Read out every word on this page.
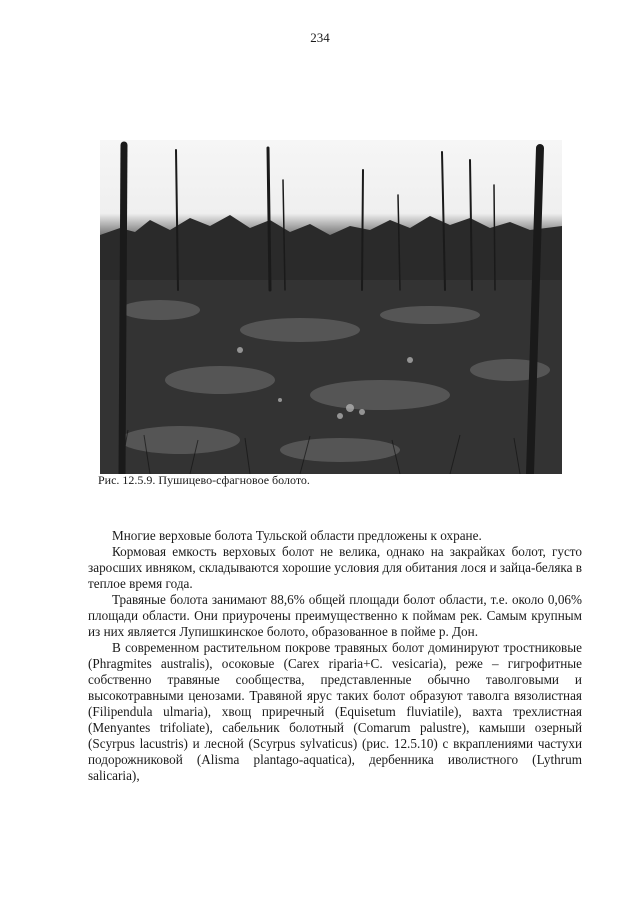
234
Рис. 12.5.9. Пушицево-сфагновое болото.

Многие верховые болота Тульской области предложены к охране.

Кормовая емкость верховых болот не велика, однако на закрайках болот, густо заросших ивняком, складываются хорошие условия для обитания лося и зайца-беляка в теплое время года.

Травяные болота занимают 88,6% общей площади болот области, т.е. около 0,06% площади области. Они приурочены преимущественно к поймам рек. Самым крупным из них является Лупишкинское болото, образованное в пойме р. Дон.

В современном растительном покрове травяных болот доминируют тростниковые (Phragmites australis), осоковые (Carex riparia+C. vesicaria), реже – гигрофитные собственно травяные сообщества, представленные обычно таволговыми и высокотравными ценозами. Травяной ярус таких болот образуют таволга вязолистная (Filipendula ulmaria), хвощ приречный (Equisetum fluviatile), вахта трехлистная (Menyantes trifoliate), сабельник болотный (Comarum palustre), камыши озерный (Scyrpus lacustris) и лесной (Scyrpus sylvaticus) (рис. 12.5.10) с вкраплениями частухи подорожниковой (Alisma plantago-aquatica), дербенника иволистного (Lythrum salicaria),
